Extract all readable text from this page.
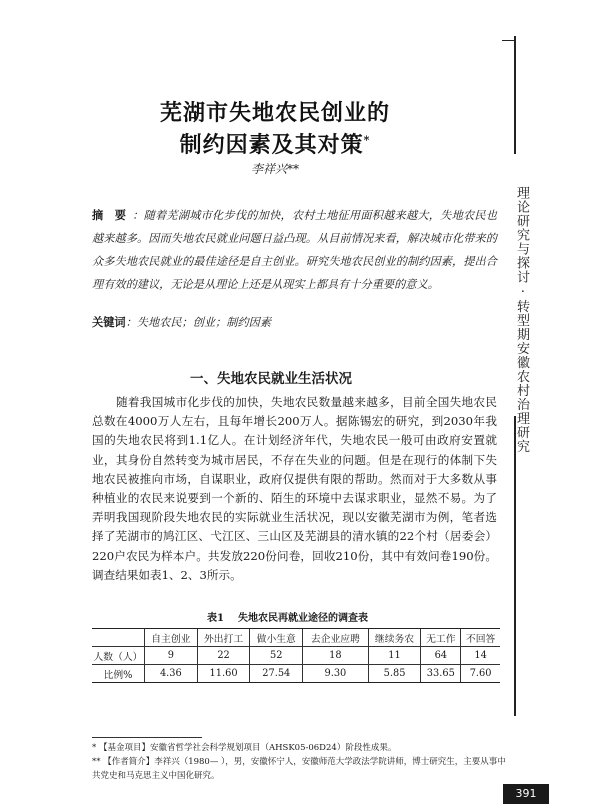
理论研究与探讨 · 转型期安徽农村治理研究
芜湖市失地农民创业的
制约因素及其对策*
李祥兴**
摘　要 ：随着芜湖城市化步伐的加快，农村土地征用面积越来越大，失地农民也越来越多。因而失地农民就业问题日益凸现。从目前情况来看，解决城市化带来的众多失地农民就业的最佳途径是自主创业。研究失地农民创业的制约因素，提出合理有效的建议，无论是从理论上还是从现实上都具有十分重要的意义。
关键词：失地农民；创业；制约因素
一、失地农民就业生活状况

随着我国城市化步伐的加快，失地农民数量越来越多，目前全国失地农民总数在4000万人左右，且每年增长200万人。据陈锡宏的研究，到2030年我国的失地农民将到1.1亿人。在计划经济年代，失地农民一般可由政府安置就业，其身份自然转变为城市居民，不存在失业的问题。但是在现行的体制下失地农民被推向市场，自谋职业，政府仅提供有限的帮助。然而对于大多数从事种植业的农民来说要到一个新的、陌生的环境中去谋求职业，显然不易。为了弄明我国现阶段失地农民的实际就业生活状况，现以安徽芜湖市为例，笔者选择了芜湖市的鸠江区、弋江区、三山区及芜湖县的清水镇的22个村（居委会）220户农民为样本户。共发放220份问卷，回收210份，其中有效问卷190份。调查结果如表1、2、3所示。

表1 失地农民再就业途径的调查表
	自主创业	外出打工	做小生意	去企业应聘	继续务农	无工作	不回答
人数（人）	9	22	52	18	11	64	14
比例%	4.36	11.60	27.54	9.30	5.85	33.65	7.60

* 【基金项目】安徽省哲学社会科学规划项目（AHSK05-06D24）阶段性成果。

** 【作者简介】李祥兴（1980— ），男，安徽怀宁人，安徽师范大学政法学院讲师，博士研究生，主要从事中共党史和马克思主义中国化研究。

391
